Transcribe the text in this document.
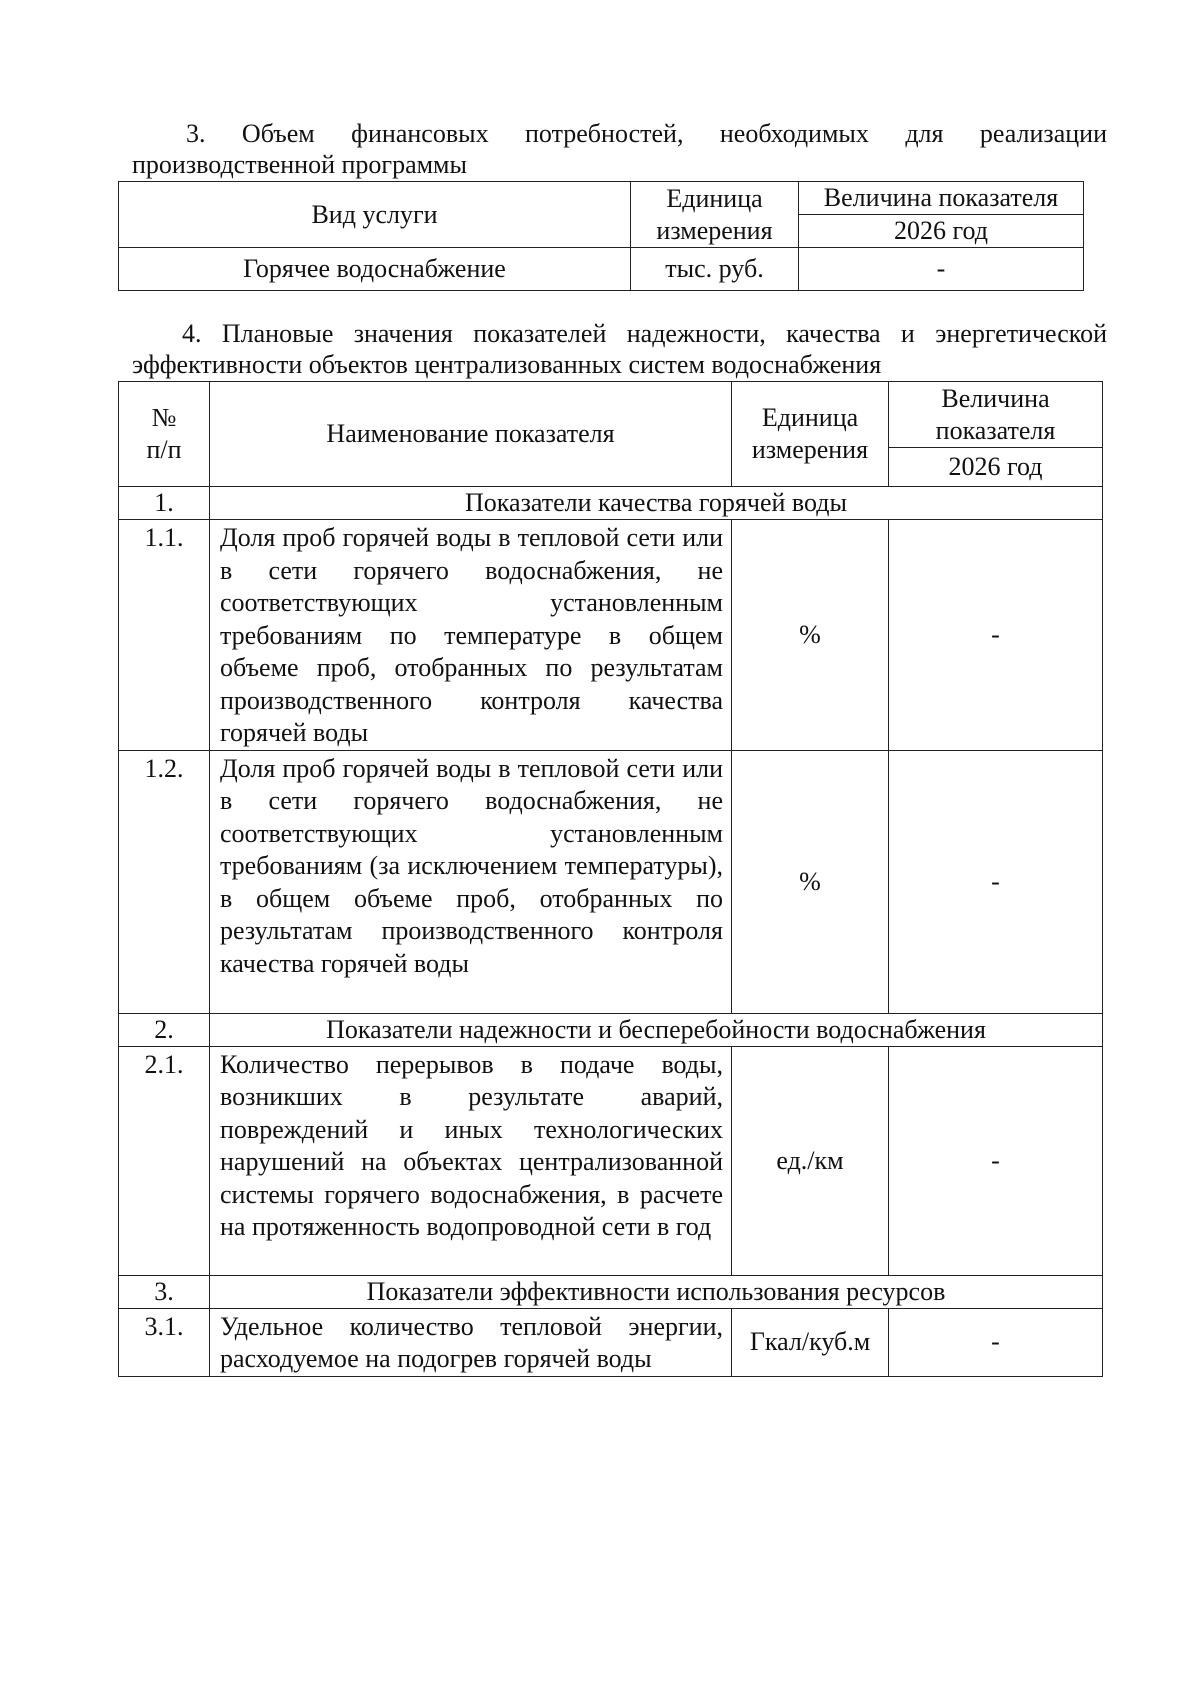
3. Объем финансовых потребностей, необходимых для реализации производственной программы
Вид услуги	Единица измерения	Величина показателя
		2026 год
Горячее водоснабжение	тыс. руб.	-
4. Плановые значения показателей надежности, качества и энергетической эффективности объектов централизованных систем водоснабжения
№ п/п	Наименование показателя	Единица измерения	Величина показателя
			2026 год
1.	Показатели качества горячей воды		
1.1.	Доля проб горячей воды в тепловой сети или в сети горячего водоснабжения, не соответствующих установленным требованиям по температуре в общем объеме проб, отобранных по результатам производственного контроля качества горячей воды	%	-
1.2.	Доля проб горячей воды в тепловой сети или в сети горячего водоснабжения, не соответствующих установленным требованиям (за исключением температуры), в общем объеме проб, отобранных по результатам производственного контроля качества горячей воды	%	-
2.	Показатели надежности и бесперебойности водоснабжения		
2.1.	Количество перерывов в подаче воды, возникших в результате аварий, повреждений и иных технологических нарушений на объектах централизованной системы горячего водоснабжения, в расчете на протяженность водопроводной сети в год	ед./км	-
3.	Показатели эффективности использования ресурсов		
3.1.	Удельное количество тепловой энергии, расходуемое на подогрев горячей воды	Гкал/куб.м	-
